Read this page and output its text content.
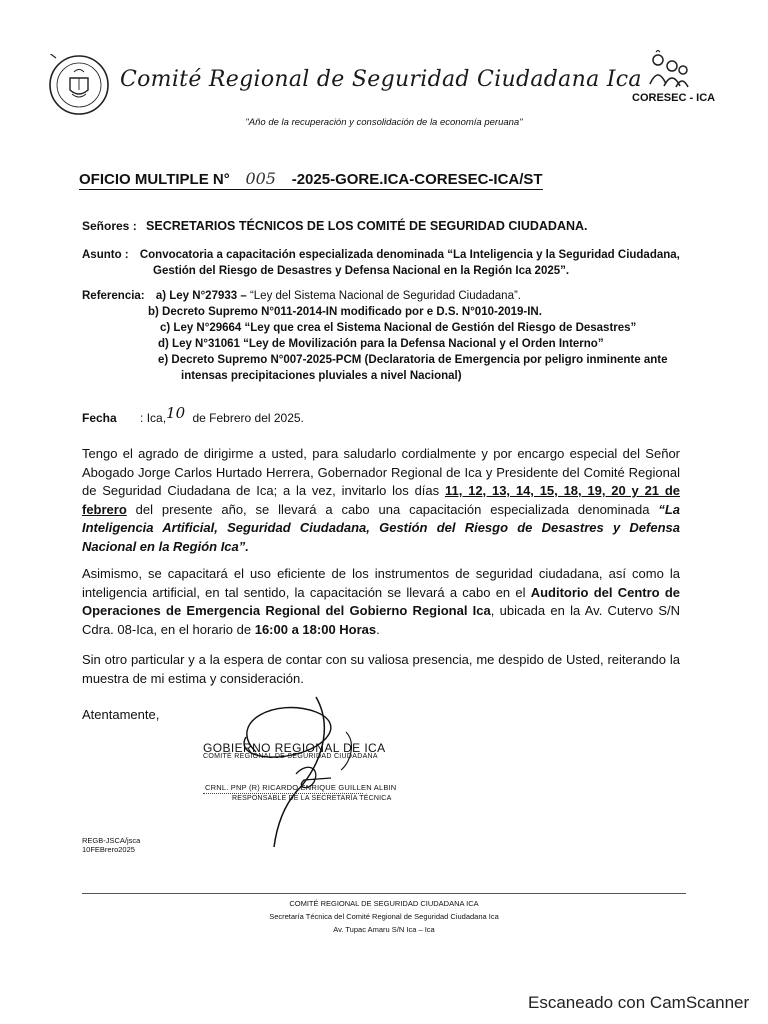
Comité Regional de Seguridad Ciudadana Ica
CORESEC - ICA
"Año de la recuperación y consolidación de la economía peruana"
OFICIO MULTIPLE N° 005 -2025-GORE.ICA-CORESEC-ICA/ST
Señores : SECRETARIOS TÉCNICOS DE LOS COMITÉ DE SEGURIDAD CIUDADANA.
Asunto : Convocatoria a capacitación especializada denominada “La Inteligencia y la Seguridad Ciudadana,
Gestión del Riesgo de Desastres y Defensa Nacional en la Región Ica 2025”.
Referencia: a) Ley N°27933 – “Ley del Sistema Nacional de Seguridad Ciudadana”.
b) Decreto Supremo N°011-2014-IN modificado por e D.S. N°010-2019-IN.
c) Ley N°29664 “Ley que crea el Sistema Nacional de Gestión del Riesgo de Desastres”
d) Ley N°31061 “Ley de Movilización para la Defensa Nacional y el Orden Interno”
e) Decreto Supremo N°007-2025-PCM (Declaratoria de Emergencia por peligro inminente ante
intensas precipitaciones pluviales a nivel Nacional)
Fecha : Ica,10 de Febrero del 2025.
Tengo el agrado de dirigirme a usted, para saludarlo cordialmente y por encargo especial del Señor Abogado Jorge Carlos Hurtado Herrera, Gobernador Regional de Ica y Presidente del Comité Regional de Seguridad Ciudadana de Ica; a la vez, invitarlo los días 11, 12, 13, 14, 15, 18, 19, 20 y 21 de febrero del presente año, se llevará a cabo una capacitación especializada denominada “La Inteligencia Artificial, Seguridad Ciudadana, Gestión del Riesgo de Desastres y Defensa Nacional en la Región Ica”.
Asimismo, se capacitará el uso eficiente de los instrumentos de seguridad ciudadana, así como la inteligencia artificial, en tal sentido, la capacitación se llevará a cabo en el Auditorio del Centro de Operaciones de Emergencia Regional del Gobierno Regional Ica, ubicada en la Av. Cutervo S/N Cdra. 08-Ica, en el horario de 16:00 a 18:00 Horas.
Sin otro particular y a la espera de contar con su valiosa presencia, me despido de Usted, reiterando la muestra de mi estima y consideración.
Atentamente,
GOBIERNO REGIONAL DE ICA
COMITÉ REGIONAL DE SEGURIDAD CIUDADANA
CRNL. PNP (R) RICARDO ENRIQUE GUILLEN ALBIN
RESPONSABLE DE LA SECRETARÍA TÉCNICA
REGB-JSCA/jsca
10FEBrero2025
COMITÉ REGIONAL DE SEGURIDAD CIUDADANA ICA
Secretaría Técnica del Comité Regional de Seguridad Ciudadana Ica
Av. Tupac Amaru S/N Ica – Ica
Escaneado con CamScanner
